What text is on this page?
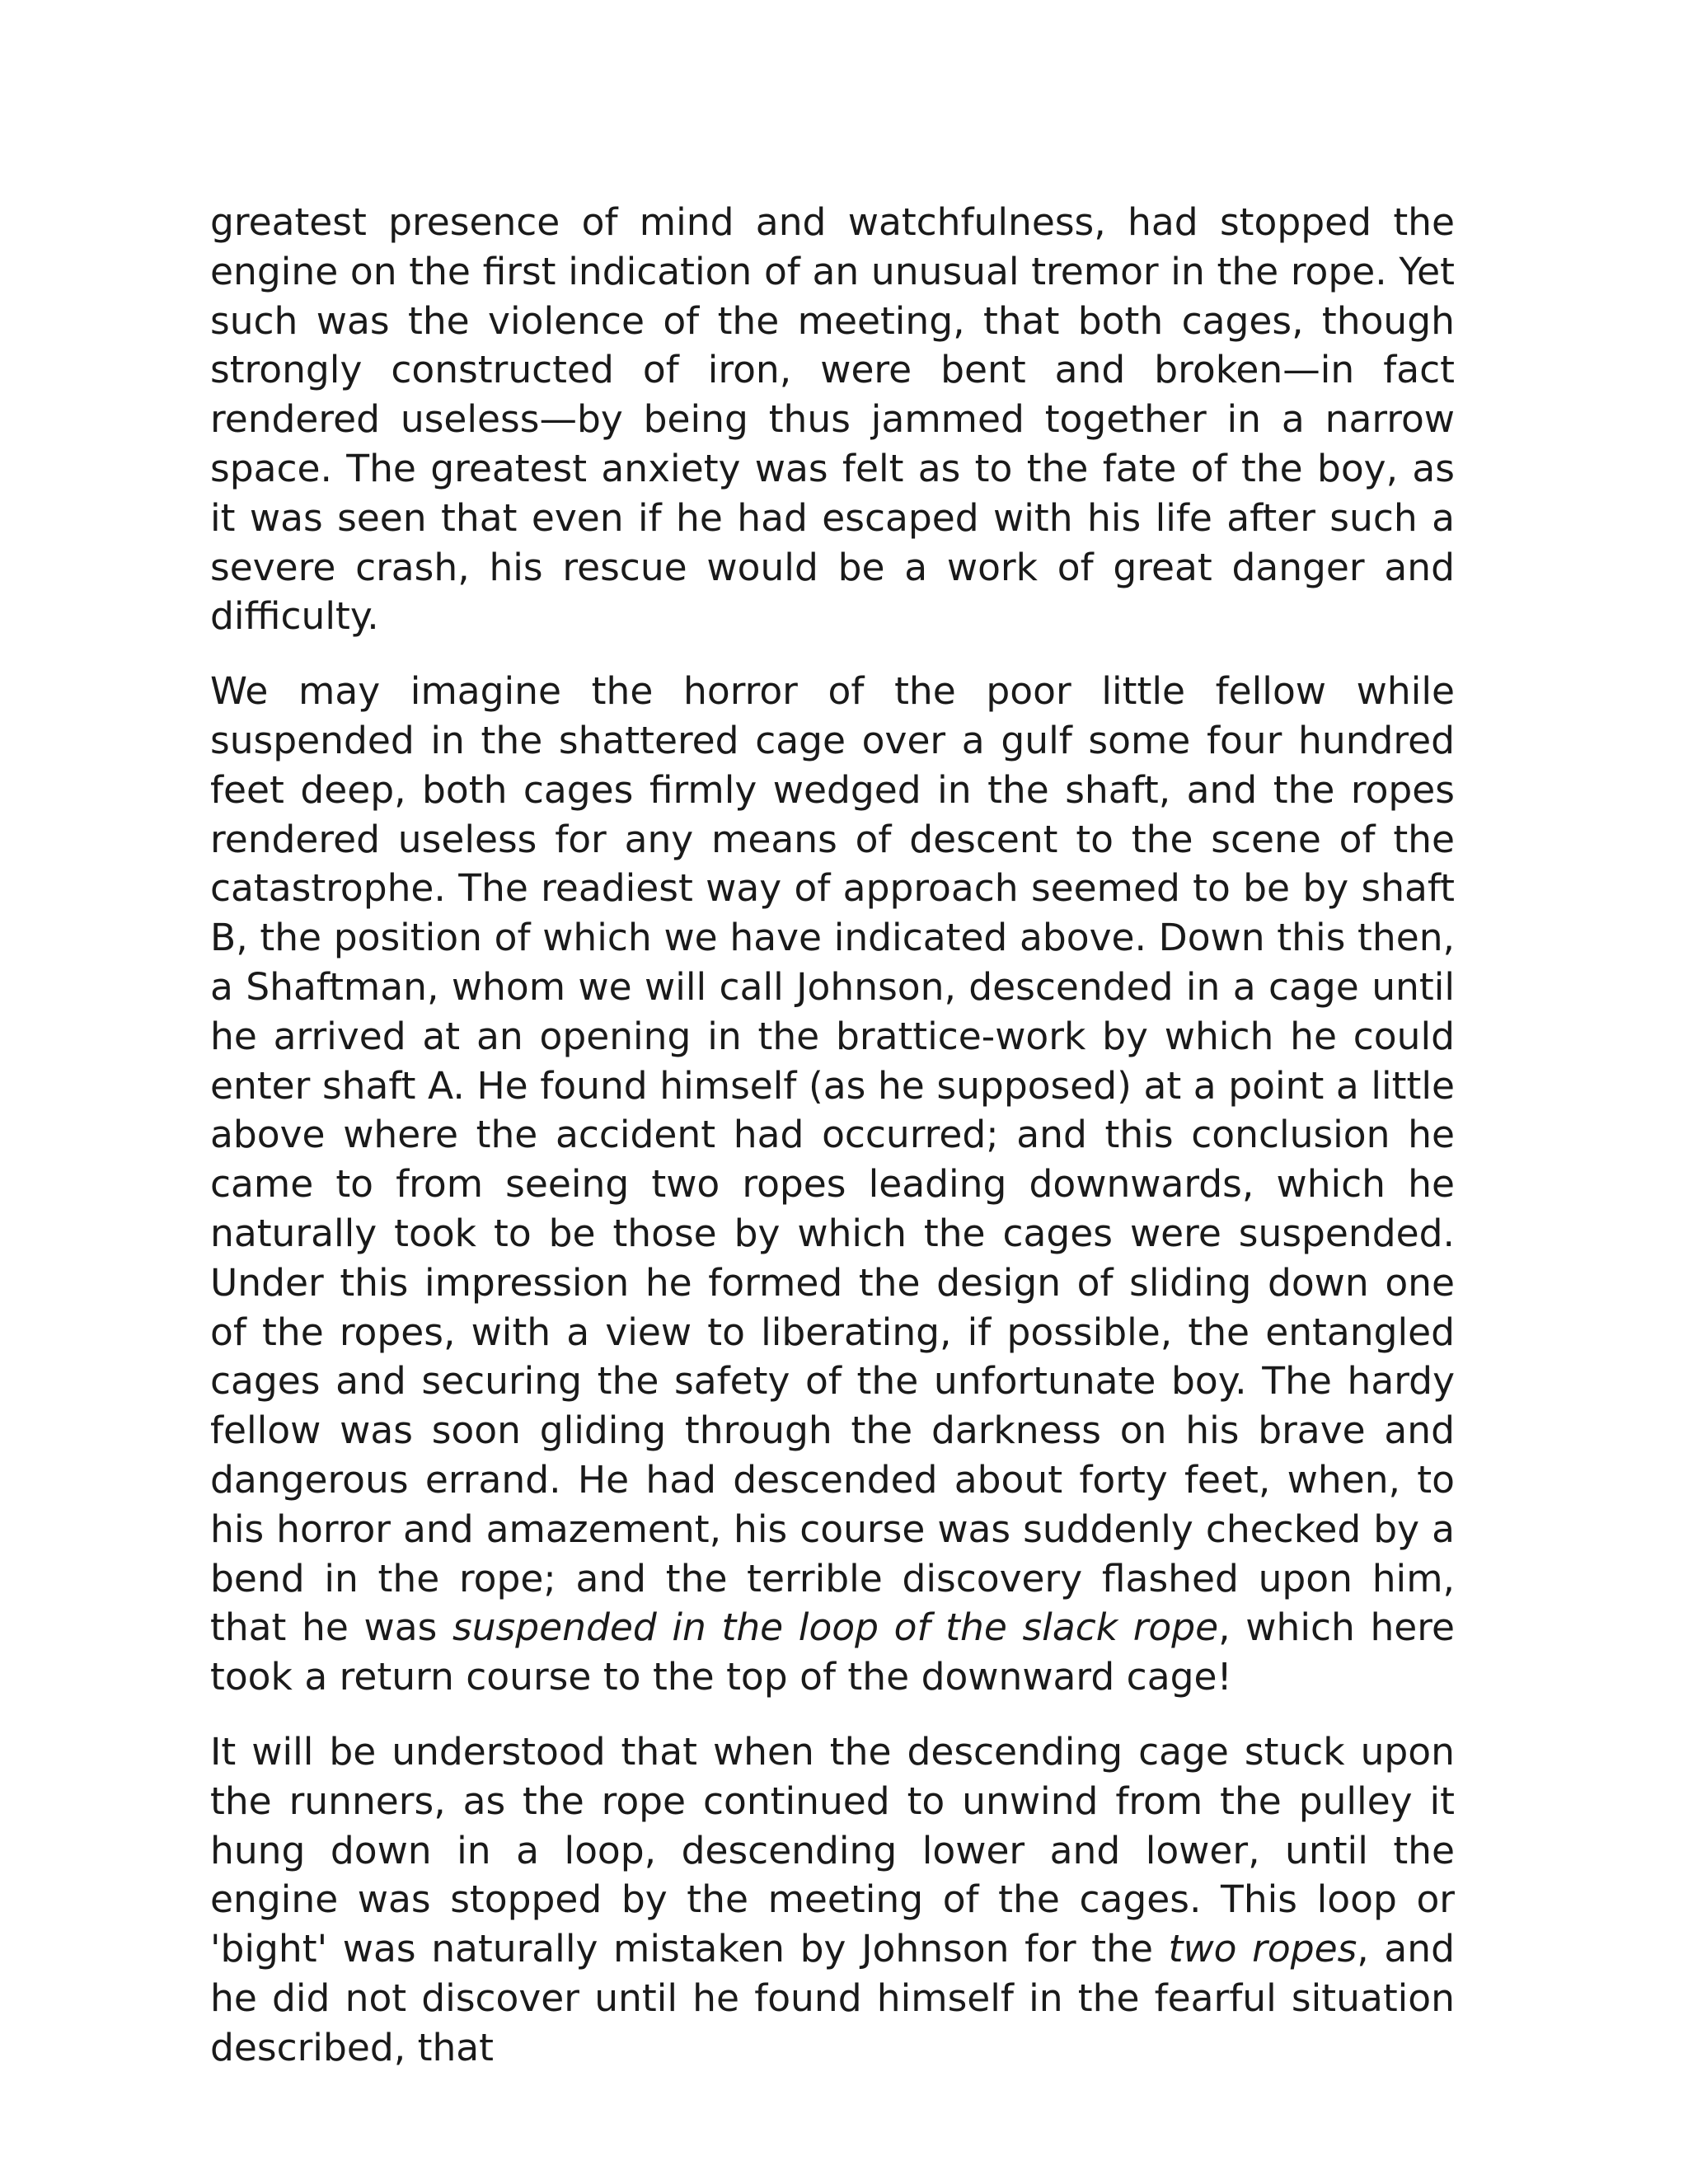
greatest presence of mind and watchfulness, had stopped the engine on the first indication of an unusual tremor in the rope. Yet such was the violence of the meeting, that both cages, though strongly constructed of iron, were bent and broken—in fact rendered useless—by being thus jammed together in a narrow space. The greatest anxiety was felt as to the fate of the boy, as it was seen that even if he had escaped with his life after such a severe crash, his rescue would be a work of great danger and difficulty.

We may imagine the horror of the poor little fellow while suspended in the shattered cage over a gulf some four hundred feet deep, both cages firmly wedged in the shaft, and the ropes rendered useless for any means of descent to the scene of the catastrophe. The readiest way of approach seemed to be by shaft B, the position of which we have indicated above. Down this then, a Shaftman, whom we will call Johnson, descended in a cage until he arrived at an opening in the brattice-work by which he could enter shaft A. He found himself (as he supposed) at a point a little above where the accident had occurred; and this conclusion he came to from seeing two ropes leading downwards, which he naturally took to be those by which the cages were suspended. Under this impression he formed the design of sliding down one of the ropes, with a view to liberating, if possible, the entangled cages and securing the safety of the unfortunate boy. The hardy fellow was soon gliding through the darkness on his brave and dangerous errand. He had descended about forty feet, when, to his horror and amazement, his course was suddenly checked by a bend in the rope; and the terrible discovery flashed upon him, that he was suspended in the loop of the slack rope, which here took a return course to the top of the downward cage!

It will be understood that when the descending cage stuck upon the runners, as the rope continued to unwind from the pulley it hung down in a loop, descending lower and lower, until the engine was stopped by the meeting of the cages. This loop or 'bight' was naturally mistaken by Johnson for the two ropes, and he did not discover until he found himself in the fearful situation described, that
